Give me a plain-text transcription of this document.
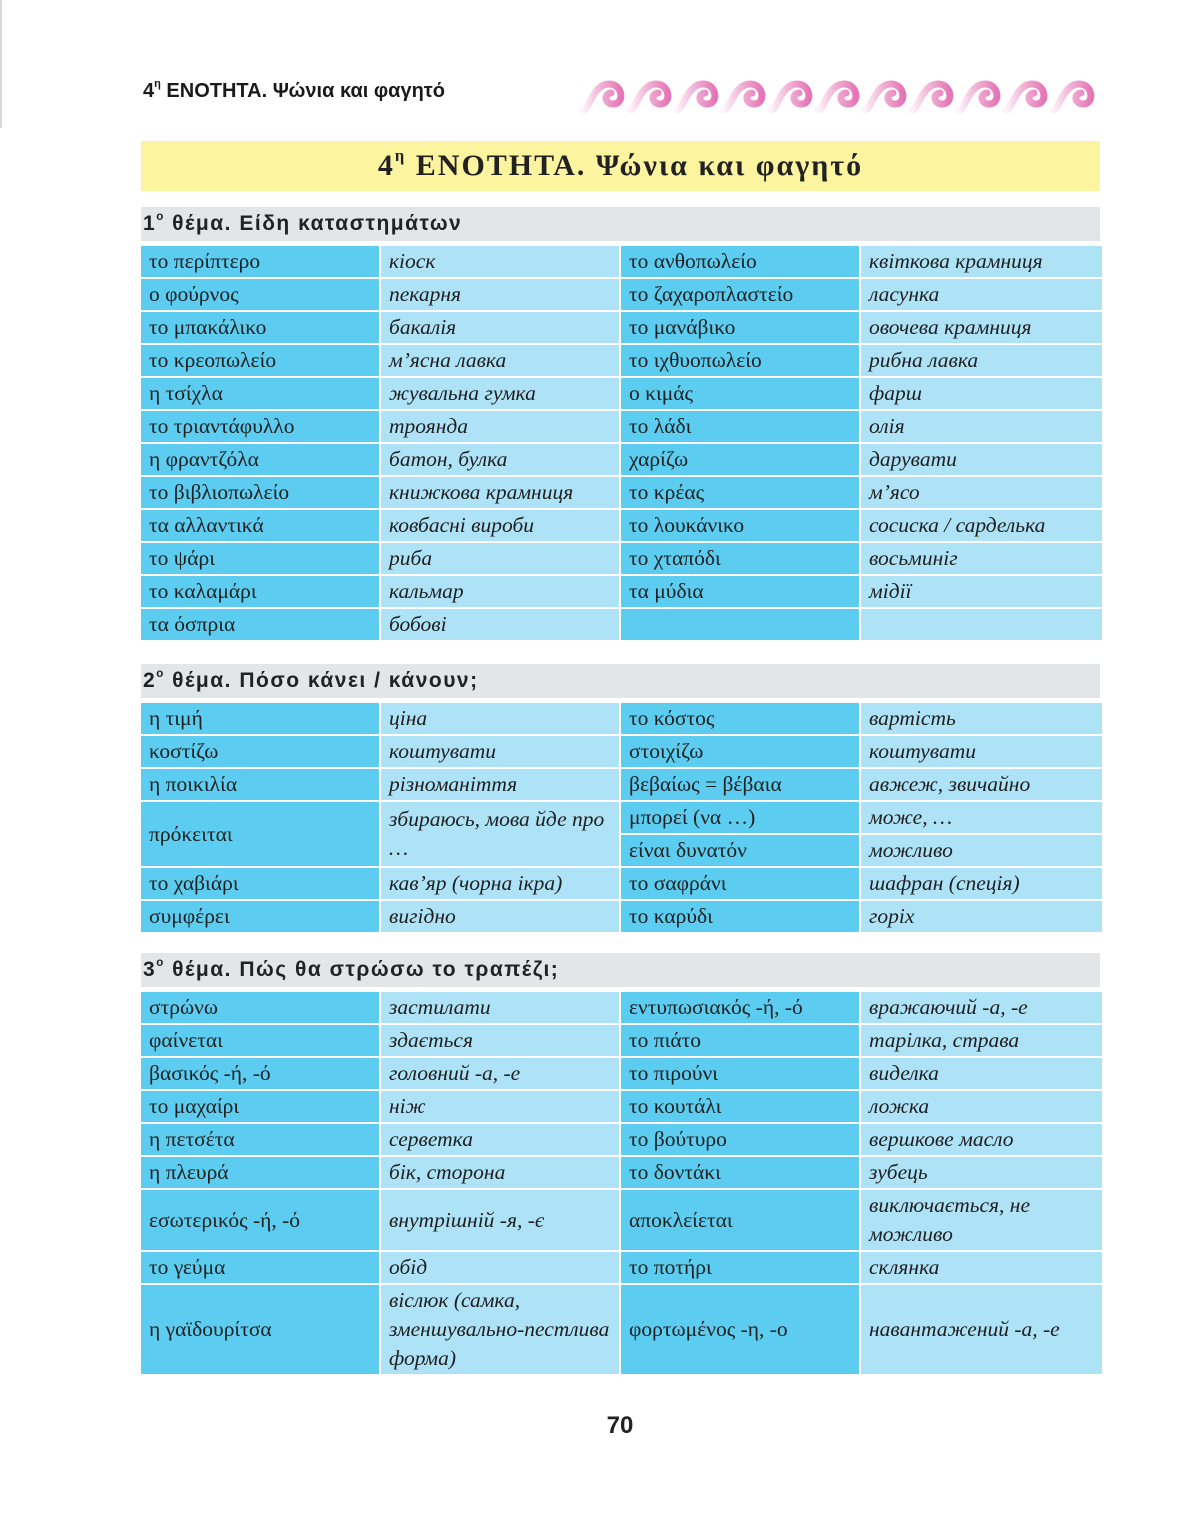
$4^\eta$ ΕΝΟΤΗΤΑ. Ψώνια και φαγητό
$4^\eta$ ΕΝΟΤΗΤΑ. Ψώνια και φαγητό
$1^o$ θέμα. Είδη καταστημάτων
το περίπτερο	кіоск	το ανθοπωλείο	квіткова крамниця
ο φούρνος	пекарня	το ζαχαροπλαστείο	ласунка
το μπακάλικο	бакалія	το μανάβικο	овочева крамниця
το κρεοπωλείο	м’ясна лавка	το ιχθυοπωλείο	рибна лавка
η τσίχλα	жувальна гумка	ο κιμάς	фарш
το τριαντάφυλλο	троянда	το λάδι	олія
η φραντζόλα	батон, булка	χαρίζω	дарувати
το βιβλιοπωλείο	книжкова крамниця	το κρέας	м’ясо
τα αλλαντικά	ковбасні вироби	το λουκάνικο	сосиска / сарделька
το ψάρι	риба	το χταπόδι	восьминіг
το καλαμάρι	кальмар	τα μύδια	мідії
τα όσπρια	бобові		
$2^o$ θέμα. Πόσο κάνει / κάνουν;
η τιμή	ціна	το κόστος	вартість
κοστίζω	коштувати	στοιχίζω	коштувати
η ποικιλία	різноманіття	βεβαίως = βέβαια	авжеж, звичайно
πρόκειται	збираюсь, мова йде про …	μπορεί (να …)	може, …
		είναι δυνατόν	можливо
το χαβιάρι	кав’яр (чорна ікра)	το σαφράνι	шафран (спеція)
συμφέρει	вигідно	το καρύδι	горіх
$3^o$ θέμα. Πώς θα στρώσω το τραπέζι;
στρώνω	застилати	εντυπωσιακός -ή, -ό	вражаючий -а, -е
φαίνεται	здається	το πιάτο	тарілка, страва
βασικός -ή, -ό	головний -а, -е	το πιρούνι	виделка
το μαχαίρι	ніж	το κουτάλι	ложка
η πετσέτα	серветка	το βούτυρο	вершкове масло
η πλευρά	бік, сторона	το δοντάκι	зубець
εσωτερικός -ή, -ό	внутрішній -я, -є	αποκλείεται	виключається, не можливо
το γεύμα	обід	το ποτήρι	склянка
η γαϊδουρίτσα	віслюк (самка, зменшувально-пестлива форма)	φορτωμένος -η, -ο	навантажений -а, -е
70
